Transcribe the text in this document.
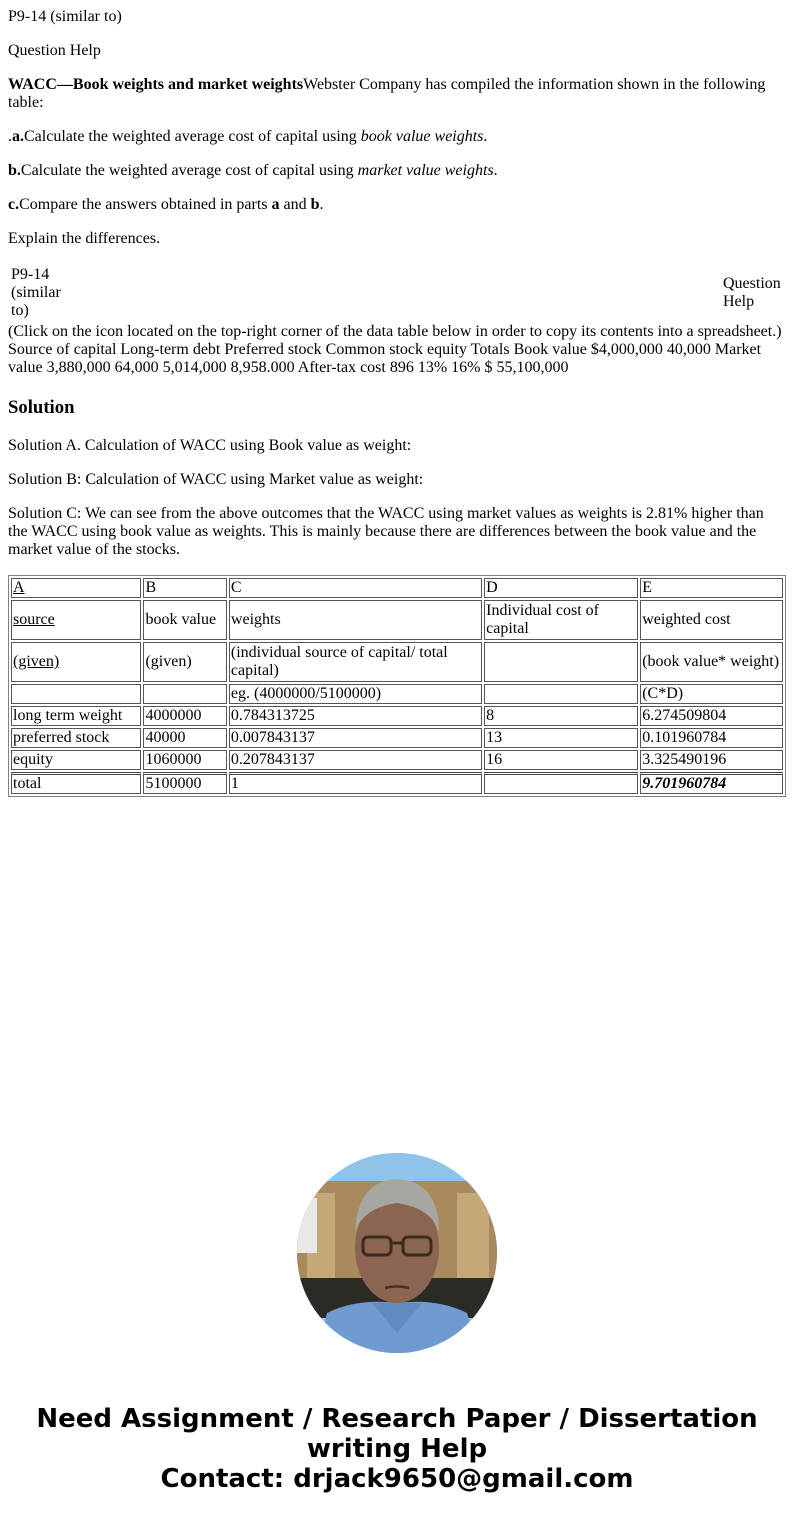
P9-14 (similar to)

Question Help

WACC—Book weights and market weightsWebster Company has compiled the information shown in the following table:

.a.Calculate the weighted average cost of capital using book value weights.

b.Calculate the weighted average cost of capital using market value weights.

c.Compare the answers obtained in parts a and b.

Explain the differences.

P9-14
(similar
to)
Question
Help
(Click on the icon located on the top-right corner of the data table below in order to copy its contents into a spreadsheet.)
Source of capital Long-term debt Preferred stock Common stock equity Totals Book value $4,000,000 40,000 Market value 3,880,000 64,000 5,014,000 8,958.000 After-tax cost 896 13% 16% $ 55,100,000
Solution

Solution A. Calculation of WACC using Book value as weight:

Solution B: Calculation of WACC using Market value as weight:

Solution C: We can see from the above outcomes that the WACC using market values as weights is 2.81% higher than the WACC using book value as weights. This is mainly because there are differences between the book value and the market value of the stocks.

A	B	C	D	E
source	book value	weights	Individual cost of capital	weighted cost
(given)	(given)	(individual source of capital/ total capital)		(book value* weight)
		eg. (4000000/5100000)		(C*D)
long term weight	4000000	0.784313725	8	6.274509804
preferred stock	40000	0.007843137	13	0.101960784
equity	1060000	0.207843137	16	3.325490196
total	5100000	1		9.701960784
Need Assignment / Research Paper / Dissertation
writing Help
Contact: drjack9650@gmail.com
